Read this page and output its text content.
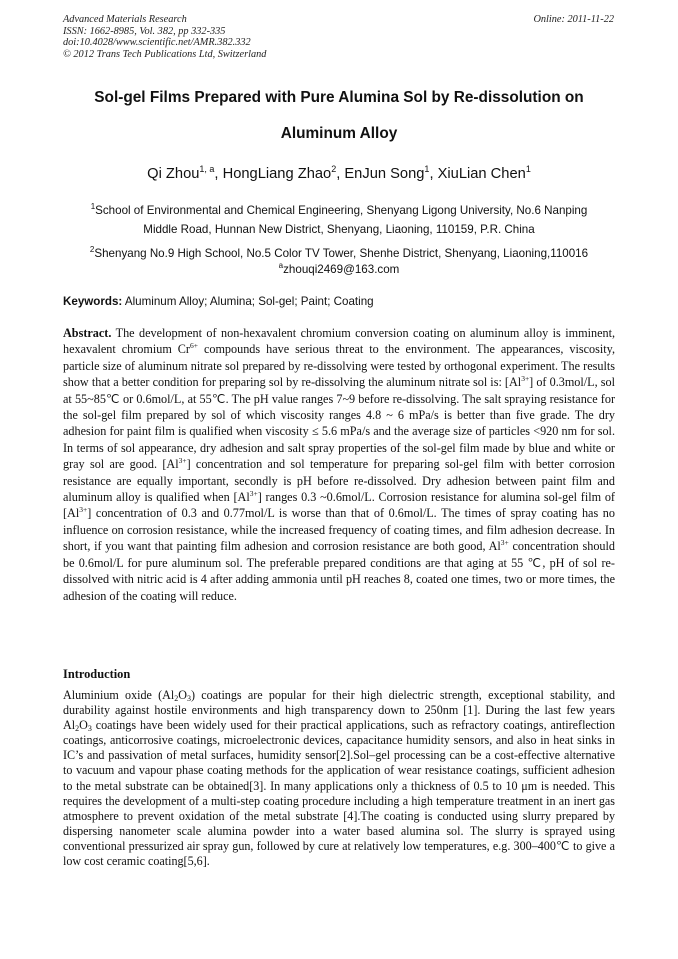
Advanced Materials Research
ISSN: 1662-8985, Vol. 382, pp 332-335
doi:10.4028/www.scientific.net/AMR.382.332
© 2012 Trans Tech Publications Ltd, Switzerland
Online: 2011-11-22
Sol-gel Films Prepared with Pure Alumina Sol by Re-dissolution on
Aluminum Alloy
Qi Zhou$^{1, a}$, HongLiang Zhao$^2$, EnJun Song$^1$, XiuLian Chen$^1$
$^1$School of Environmental and Chemical Engineering, Shenyang Ligong University, No.6 Nanping
Middle Road, Hunnan New District, Shenyang, Liaoning, 110159, P.R. China
$^2$Shenyang No.9 High School, No.5 Color TV Tower, Shenhe District, Shenyang, Liaoning,110016
$^a$zhouqi2469@163.com
Keywords: Aluminum Alloy; Alumina; Sol-gel; Paint; Coating
Abstract. The development of non-hexavalent chromium conversion coating on aluminum alloy is imminent, hexavalent chromium $Cr^{6+}$ compounds have serious threat to the environment. The appearances, viscosity, particle size of aluminum nitrate sol prepared by re-dissolving were tested by orthogonal experiment. The results show that a better condition for preparing sol by re-dissolving the aluminum nitrate sol is: $[Al^{3+}]$ of 0.3mol/L, sol at 55~85℃ or 0.6mol/L, at 55℃. The pH value ranges 7~9 before re-dissolving. The salt spraying resistance for the sol-gel film prepared by sol of which viscosity ranges 4.8 ~ 6 mPa/s is better than five grade. The dry adhesion for paint film is qualified when viscosity ≤ 5.6 mPa/s and the average size of particles <920 nm for sol. In terms of sol appearance, dry adhesion and salt spray properties of the sol-gel film made by blue and white or gray sol are good. $[Al^{3+}]$ concentration and sol temperature for preparing sol-gel film with better corrosion resistance are equally important, secondly is pH before re-dissolved. Dry adhesion between paint film and aluminum alloy is qualified when $[Al^{3+}]$ ranges 0.3 ~0.6mol/L. Corrosion resistance for alumina sol-gel film of $[Al^{3+}]$ concentration of 0.3 and 0.77mol/L is worse than that of 0.6mol/L. The times of spray coating has no influence on corrosion resistance, while the increased frequency of coating times, and film adhesion decrease. In short, if you want that painting film adhesion and corrosion resistance are both good, $Al^{3+}$ concentration should be 0.6mol/L for pure aluminum sol. The preferable prepared conditions are that aging at 55 ℃, pH of sol re-dissolved with nitric acid is 4 after adding ammonia until pH reaches 8, coated one times, two or more times, the adhesion of the coating will reduce.
Introduction
Aluminium oxide $(Al_2O_3)$ coatings are popular for their high dielectric strength, exceptional stability, and durability against hostile environments and high transparency down to 250nm [1]. During the last few years $Al_2O_3$ coatings have been widely used for their practical applications, such as refractory coatings, antireflection coatings, anticorrosive coatings, microelectronic devices, capacitance humidity sensors, and also in heat sinks in IC’s and passivation of metal surfaces, humidity sensor[2].Sol–gel processing can be a cost-effective alternative to vacuum and vapour phase coating methods for the application of wear resistance coatings, sufficient adhesion to the metal substrate can be obtained[3]. In many applications only a thickness of 0.5 to 10 μm is needed. This requires the development of a multi-step coating procedure including a high temperature treatment in an inert gas atmosphere to prevent oxidation of the metal substrate [4].The coating is conducted using slurry prepared by dispersing nanometer scale alumina powder into a water based alumina sol. The slurry is sprayed using conventional pressurized air spray gun, followed by cure at relatively low temperatures, e.g. 300–400℃ to give a low cost ceramic coating[5,6].
